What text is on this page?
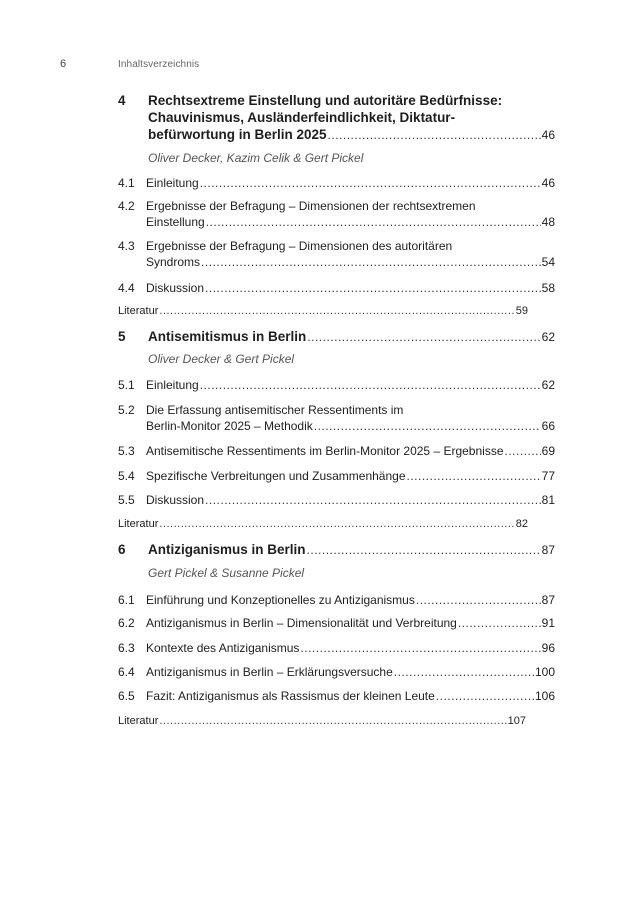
6	Inhaltsverzeichnis
4	Rechtsextreme Einstellung und autoritäre Bedürfnisse:
Chauvinismus, Ausländerfeindlichkeit, Diktatur-
befürwortung in Berlin 2025 .....	46
Oliver Decker, Kazim Celik & Gert Pickel
4.1 Einleitung .....	46
4.2 Ergebnisse der Befragung – Dimensionen der rechtsextremen
Einstellung .....	48
4.3 Ergebnisse der Befragung – Dimensionen des autoritären
Syndroms .....	54
4.4 Diskussion .....	58
Literatur .....	59
5	Antisemitismus in Berlin .....	62
Oliver Decker & Gert Pickel
5.1 Einleitung .....	62
5.2 Die Erfassung antisemitischer Ressentiments im
Berlin-Monitor 2025 – Methodik .....	66
5.3 Antisemitische Ressentiments im Berlin-Monitor 2025 – Ergebnisse .....	69
5.4 Spezifische Verbreitungen und Zusammenhänge .....	77
5.5 Diskussion .....	81
Literatur .....	82
6	Antiziganismus in Berlin .....	87
Gert Pickel & Susanne Pickel
6.1 Einführung und Konzeptionelles zu Antiziganismus .....	87
6.2 Antiziganismus in Berlin – Dimensionalität und Verbreitung .....	91
6.3 Kontexte des Antiziganismus .....	96
6.4 Antiziganismus in Berlin – Erklärungsversuche .....	100
6.5 Fazit: Antiziganismus als Rassismus der kleinen Leute .....	106
Literatur .....	107
